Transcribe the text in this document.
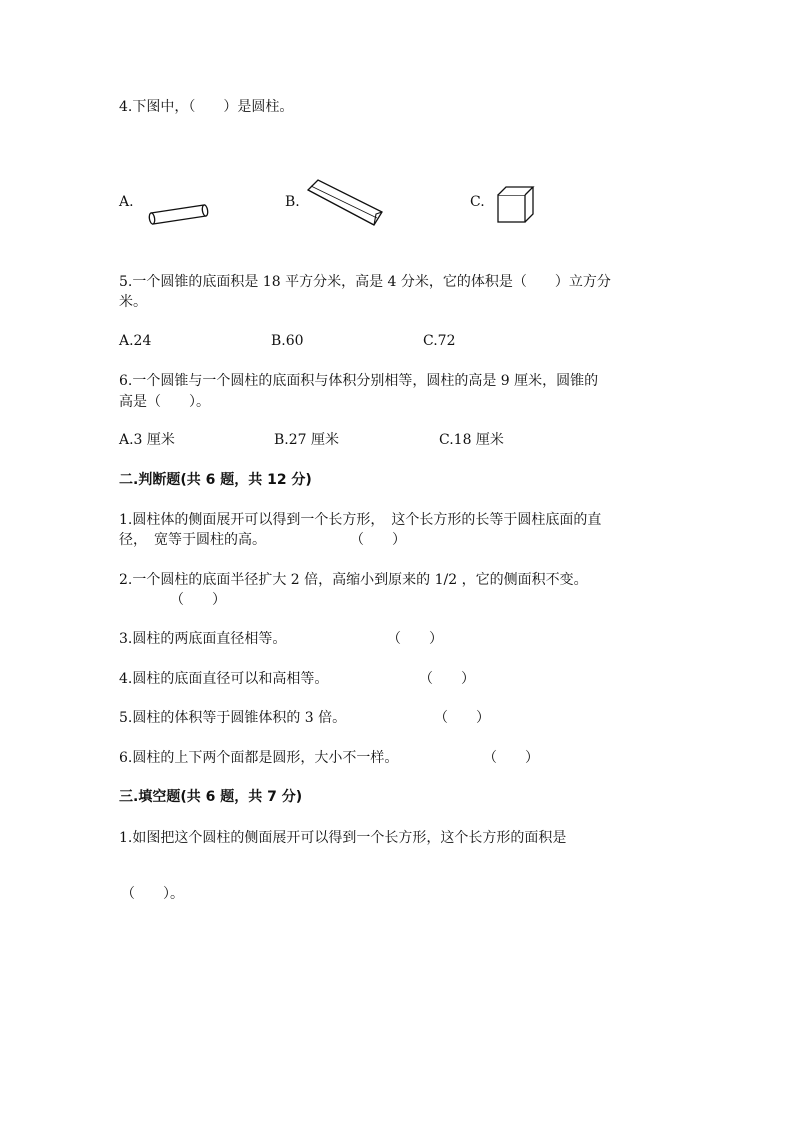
4.下图中，（　　）是圆柱。
A.	B.	C.
5.一个圆锥的底面积是 18 平方分米，高是 4 分米，它的体积是（　　）立方分
米。
A.24	B.60	C.72
6.一个圆锥与一个圆柱的底面积与体积分别相等，圆柱的高是 9 厘米，圆锥的
高是（　　）。
A.3 厘米	B.27 厘米	C.18 厘米
二.判断题(共 6 题，共 12 分)
1.圆柱体的侧面展开可以得到一个长方形，　这个长方形的长等于圆柱底面的直
径，　宽等于圆柱的高。	（　　）
2.一个圆柱的底面半径扩大 2 倍，高缩小到原来的 1/2 ，它的侧面积不变。
（　　）
3.圆柱的两底面直径相等。	（　　）
4.圆柱的底面直径可以和高相等。	（　　）
5.圆柱的体积等于圆锥体积的 3 倍。	（　　）
6.圆柱的上下两个面都是圆形，大小不一样。	（　　）
三.填空题(共 6 题，共 7 分)
1.如图把这个圆柱的侧面展开可以得到一个长方形，这个长方形的面积是
（　　）。
